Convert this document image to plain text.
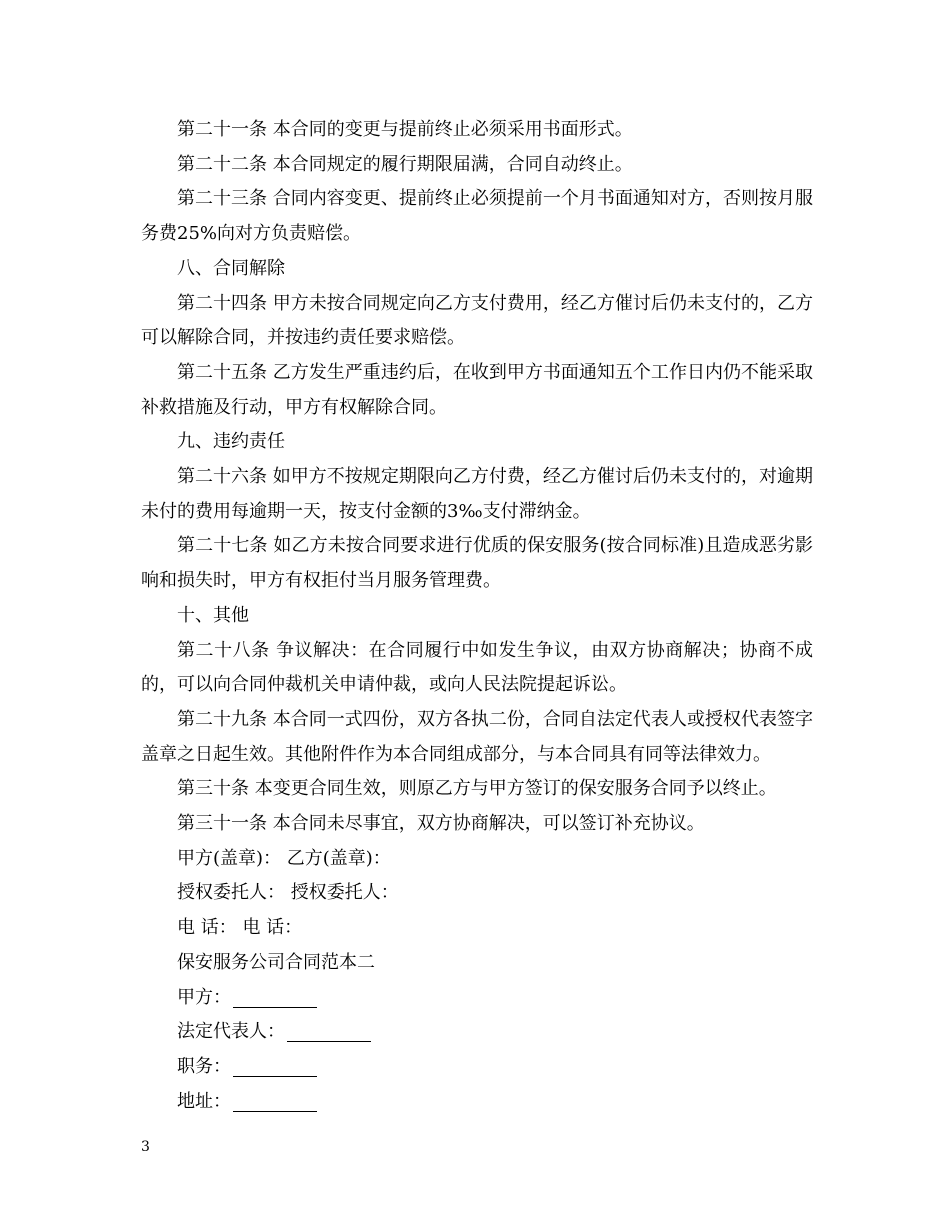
第二十一条 本合同的变更与提前终止必须采用书面形式。

第二十二条 本合同规定的履行期限届满，合同自动终止。

第二十三条 合同内容变更、提前终止必须提前一个月书面通知对方，否则按月服务费25%向对方负责赔偿。

八、合同解除

第二十四条 甲方未按合同规定向乙方支付费用，经乙方催讨后仍未支付的，乙方可以解除合同，并按违约责任要求赔偿。

第二十五条 乙方发生严重违约后，在收到甲方书面通知五个工作日内仍不能采取补救措施及行动，甲方有权解除合同。

九、违约责任

第二十六条 如甲方不按规定期限向乙方付费，经乙方催讨后仍未支付的，对逾期未付的费用每逾期一天，按支付金额的3‰支付滞纳金。

第二十七条 如乙方未按合同要求进行优质的保安服务(按合同标准)且造成恶劣影响和损失时，甲方有权拒付当月服务管理费。

十、其他

第二十八条 争议解决：在合同履行中如发生争议，由双方协商解决；协商不成的，可以向合同仲裁机关申请仲裁，或向人民法院提起诉讼。

第二十九条 本合同一式四份，双方各执二份，合同自法定代表人或授权代表签字盖章之日起生效。其他附件作为本合同组成部分，与本合同具有同等法律效力。

第三十条 本变更合同生效，则原乙方与甲方签订的保安服务合同予以终止。

第三十一条 本合同未尽事宜，双方协商解决，可以签订补充协议。

甲方(盖章)： 乙方(盖章)：

授权委托人： 授权委托人：

电 话： 电 话：

保安服务公司合同范本二

甲方：

法定代表人：

职务：

地址：

3
